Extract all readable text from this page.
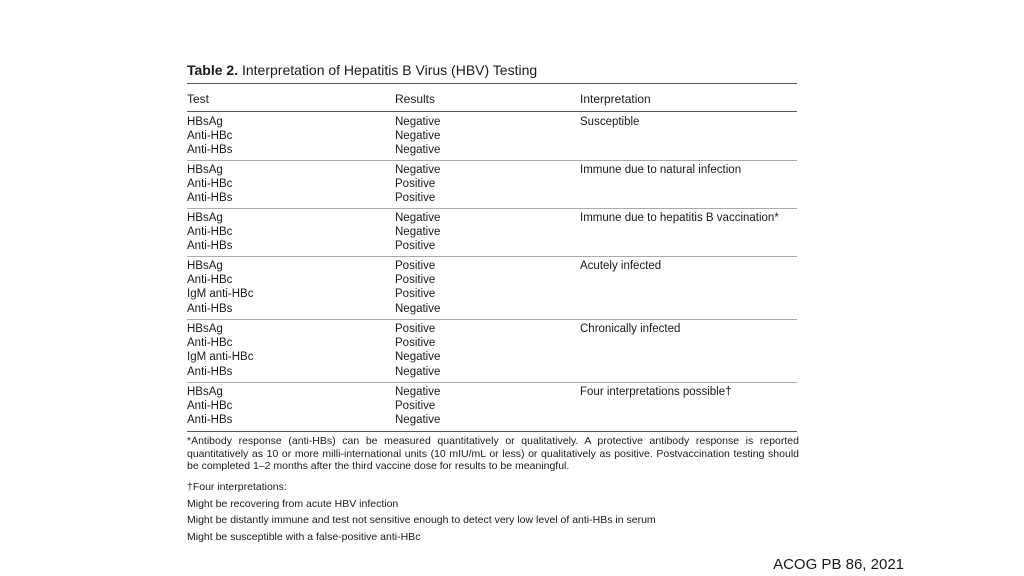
Table 2. Interpretation of Hepatitis B Virus (HBV) Testing
Test	Results	Interpretation
HBsAg
Anti-HBc
Anti-HBs
Negative
Negative
Negative
Susceptible
HBsAg
Anti-HBc
Anti-HBs
Negative
Positive
Positive
Immune due to natural infection
HBsAg
Anti-HBc
Anti-HBs
Negative
Negative
Positive
Immune due to hepatitis B vaccination*
HBsAg
Anti-HBc
IgM anti-HBc
Anti-HBs
Positive
Positive
Positive
Negative
Acutely infected
HBsAg
Anti-HBc
IgM anti-HBc
Anti-HBs
Positive
Positive
Negative
Negative
Chronically infected
HBsAg
Anti-HBc
Anti-HBs
Negative
Positive
Negative
Four interpretations possible†
*Antibody response (anti-HBs) can be measured quantitatively or qualitatively. A protective antibody response is reported quantitatively as 10 or more milli-international units (10 mIU/mL or less) or qualitatively as positive. Postvaccination testing should be completed 1–2 months after the third vaccine dose for results to be meaningful.
†Four interpretations:
Might be recovering from acute HBV infection
Might be distantly immune and test not sensitive enough to detect very low level of anti-HBs in serum
Might be susceptible with a false-positive anti-HBc
ACOG PB 86, 2021
